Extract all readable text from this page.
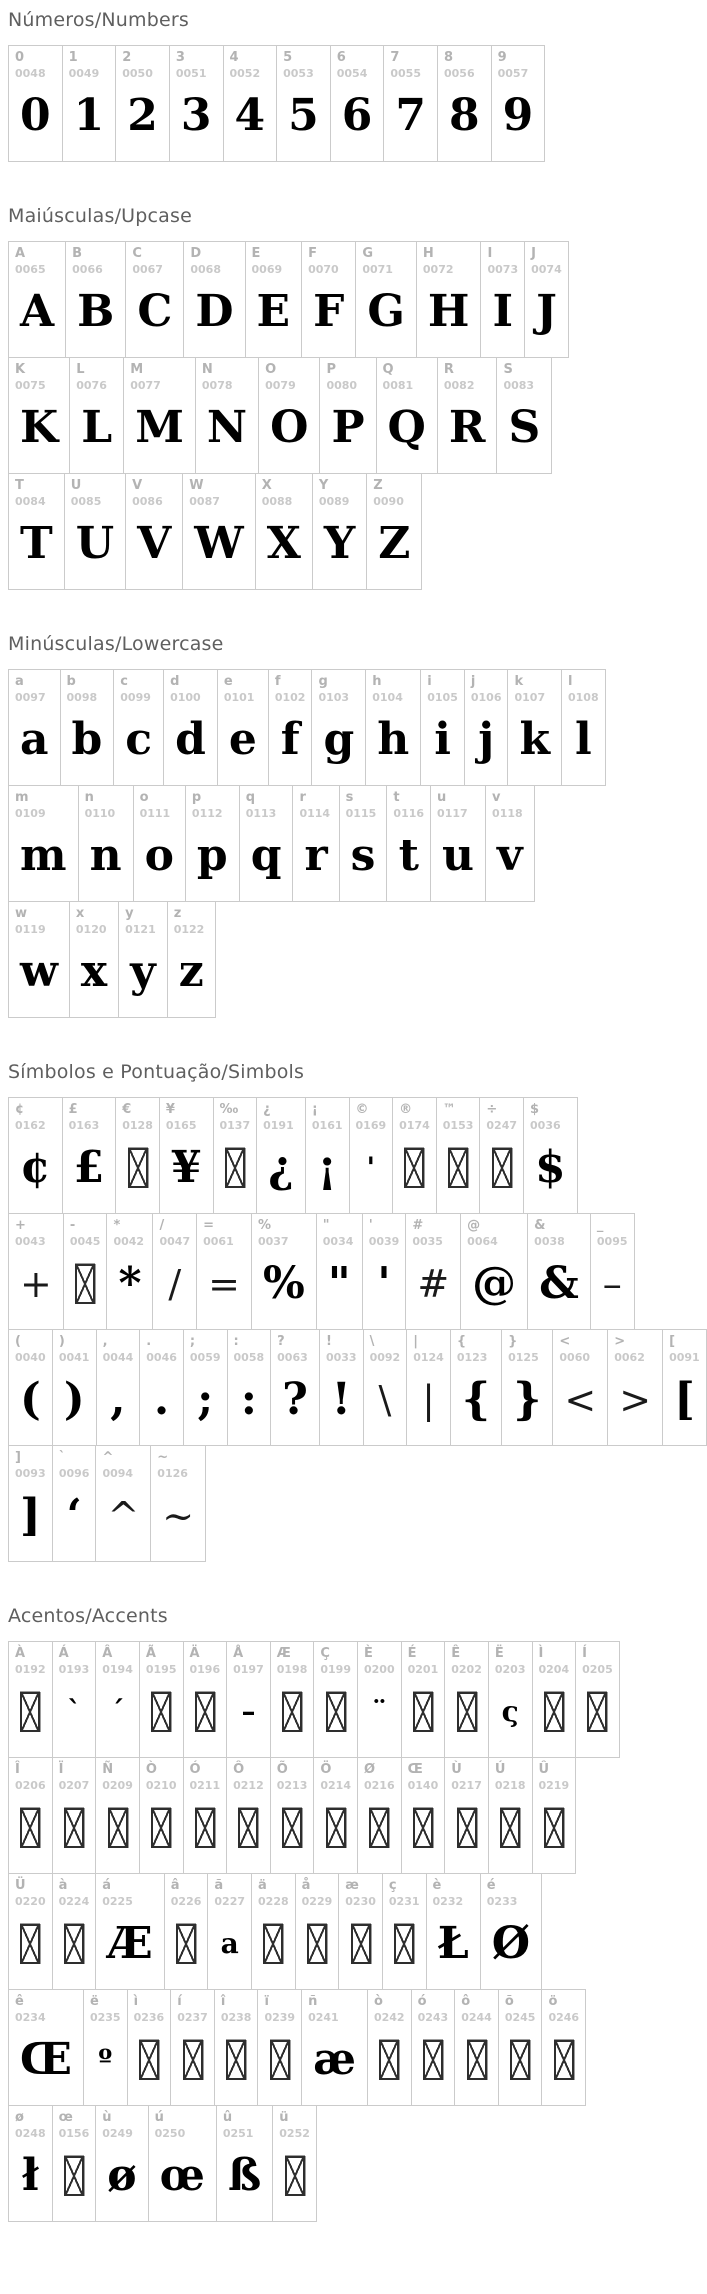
Números/Numbers
0
0048
0
1
0049
1
2
0050
2
3
0051
3
4
0052
4
5
0053
5
6
0054
6
7
0055
7
8
0056
8
9
0057
9
Maiúsculas/Upcase
A
0065
A
B
0066
B
C
0067
C
D
0068
D
E
0069
E
F
0070
F
G
0071
G
H
0072
H
I
0073
I
J
0074
J
K
0075
K
L
0076
L
M
0077
M
N
0078
N
O
0079
O
P
0080
P
Q
0081
Q
R
0082
R
S
0083
S
T
0084
T
U
0085
U
V
0086
V
W
0087
W
X
0088
X
Y
0089
Y
Z
0090
Z
Minúsculas/Lowercase
a
0097
a
b
0098
b
c
0099
c
d
0100
d
e
0101
e
f
0102
f
g
0103
g
h
0104
h
i
0105
i
j
0106
j
k
0107
k
l
0108
l
m
0109
m
n
0110
n
o
0111
o
p
0112
p
q
0113
q
r
0114
r
s
0115
s
t
0116
t
u
0117
u
v
0118
v
w
0119
w
x
0120
x
y
0121
y
z
0122
z
Símbolos e Pontuação/Simbols
¢
0162
¢
£
0163
£
€
0128
¥
0165
¥
‰
0137
¿
0191
¿
¡
0161
¡
©
0169
'
®
0174
™
0153
÷
0247
$
0036
$
+
0043
+
-
0045
*
0042
*
/
0047
/
=
0061
=
%
0037
%
"
0034
"
'
0039
'
#
0035
#
@
0064
@
&
0038
&
_
0095
–
(
0040
(
)
0041
)
,
0044
,
.
0046
.
;
0059
;
:
0058
:
?
0063
?
!
0033
!
\
0092
\
|
0124
|
{
0123
{
}
0125
}
<
0060
<
>
0062
>
[
0091
[
]
0093
]
`
0096
‘
^
0094
^
~
0126
~
Acentos/Accents
À
0192
Á
0193
`
Â
0194
´
Ã
0195
Ä
0196
Å
0197
–
Æ
0198
Ç
0199
È
0200
¨
É
0201
Ê
0202
Ë
0203
ς
Ì
0204
Í
0205
Î
0206
Ï
0207
Ñ
0209
Ò
0210
Ó
0211
Ô
0212
Õ
0213
Ö
0214
Ø
0216
Œ
0140
Ù
0217
Ú
0218
Û
0219
Ü
0220
à
0224
á
0225
Æ
â
0226
ã
0227
a
ä
0228
å
0229
æ
0230
ç
0231
è
0232
Ł
é
0233
Ø
ê
0234
Œ
ë
0235
º
ì
0236
í
0237
î
0238
ï
0239
ñ
0241
æ
ò
0242
ó
0243
ô
0244
õ
0245
ö
0246
ø
0248
ł
œ
0156
ù
0249
ø
ú
0250
œ
û
0251
ß
ü
0252
